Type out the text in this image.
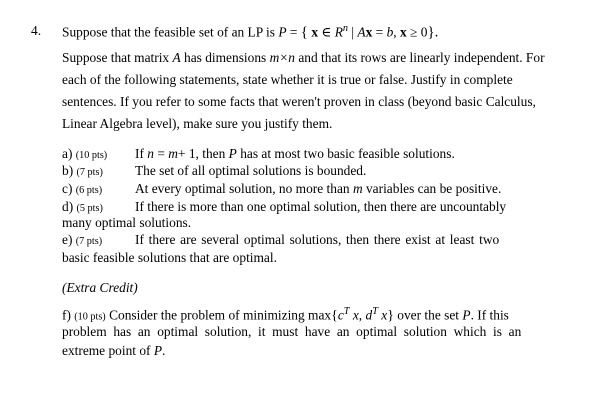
4. Suppose that the feasible set of an LP is P = { x ∈ $R^n$ | Ax = b, x ≥ 0}.
Suppose that matrix A has dimensions m×n and that its rows are linearly independent. For
each of the following statements, state whether it is true or false. Justify in complete
sentences. If you refer to some facts that weren't proven in class (beyond basic Calculus,
Linear Algebra level), make sure you justify them.
a) (10 pts) If n = m+ 1, then P has at most two basic feasible solutions.
b) (7 pts) The set of all optimal solutions is bounded.
c) (6 pts) At every optimal solution, no more than m variables can be positive.
d) (5 pts) If there is more than one optimal solution, then there are uncountably
many optimal solutions.
e) (7 pts) If there are several optimal solutions, then there exist at least two
basic feasible solutions that are optimal.
(Extra Credit)
f) (10 pts) Consider the problem of minimizing $\max\{c^T$ x, $d^T$ x} over the set P. If this
problem  has  an  optimal  solution,  it  must  have  an  optimal  solution  which  is  an
extreme point of P.
